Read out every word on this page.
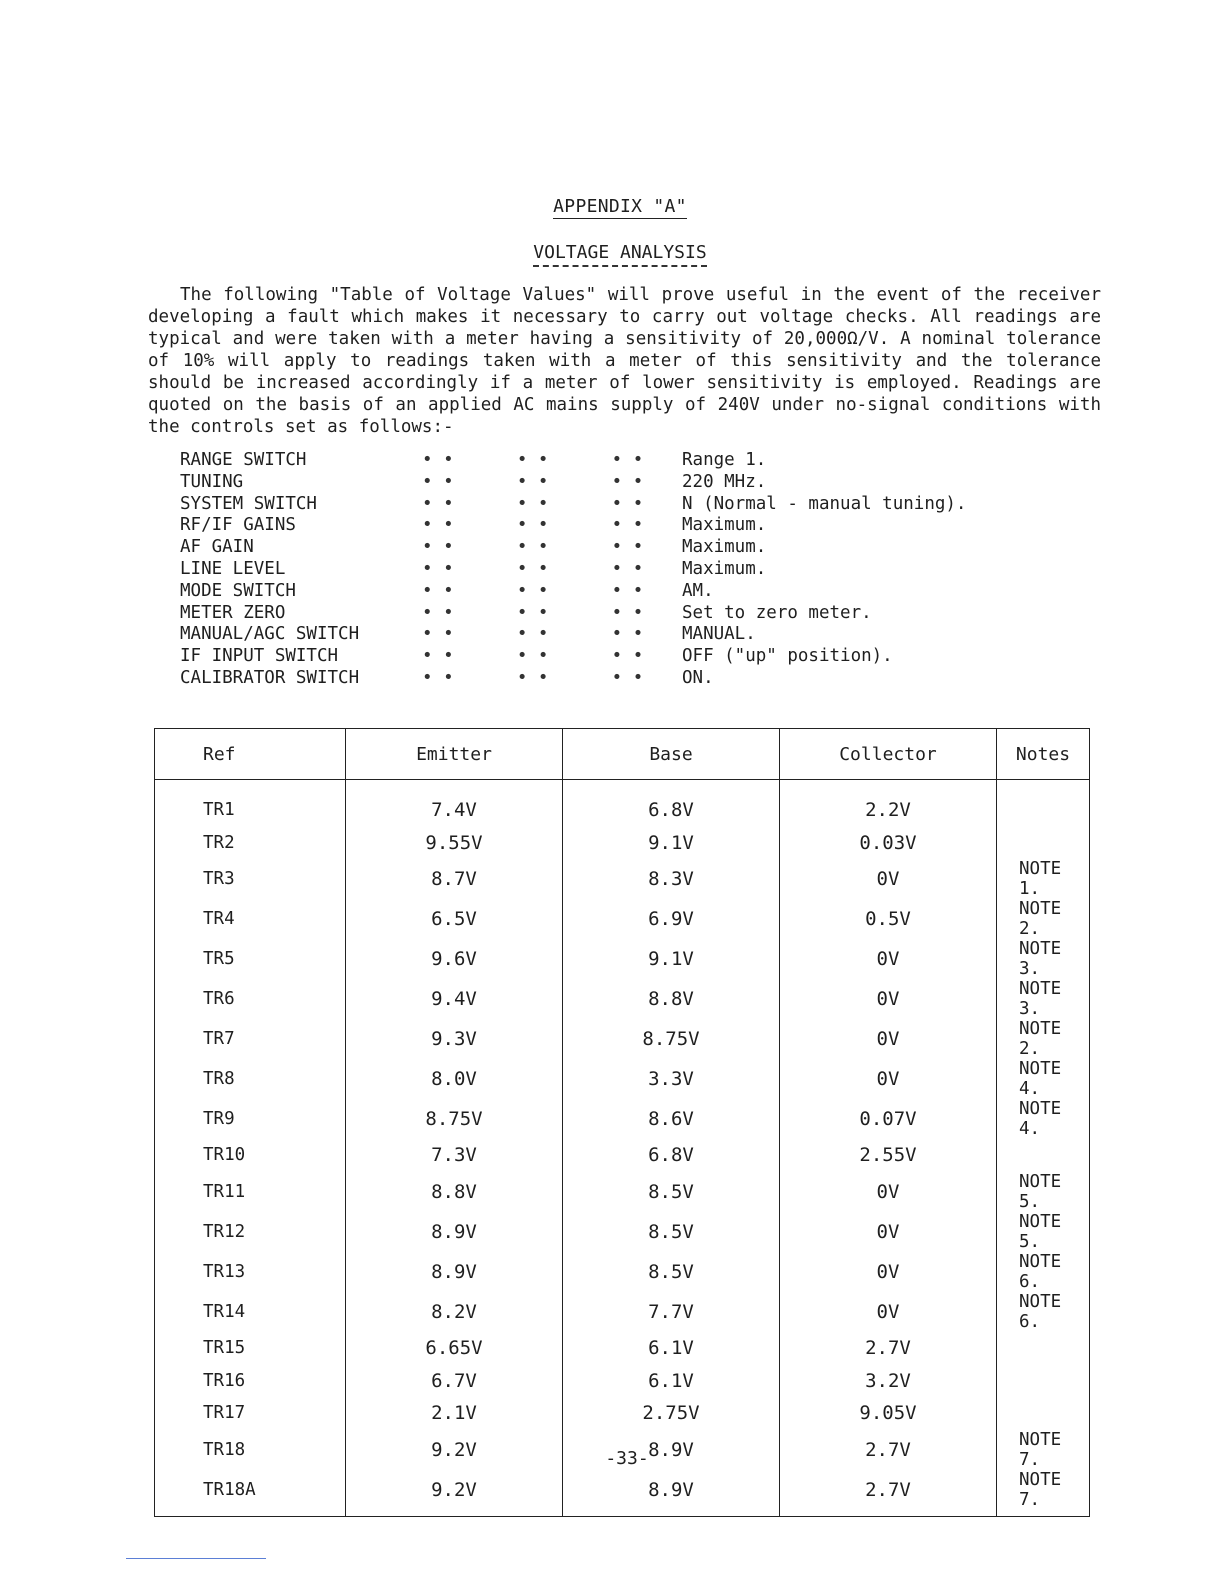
APPENDIX "A"
VOLTAGE ANALYSIS

The following "Table of Voltage Values" will prove useful in the event of the receiver developing a fault which makes it necessary to carry out voltage checks. All readings are typical and were taken with a meter having a sensitivity of 20,000Ω/V. A nominal tolerance of 10% will apply to readings taken with a meter of this sensitivity and the tolerance should be increased accordingly if a meter of lower sensitivity is employed. Readings are quoted on the basis of an applied AC mains supply of 240V under no-signal conditions with the controls set as follows:-

RANGE SWITCH	• •      • •      • •	Range 1.
TUNING	• •      • •      • •	220 MHz.
SYSTEM SWITCH	• •      • •      • •	N (Normal - manual tuning).
RF/IF GAINS	• •      • •      • •	Maximum.
AF GAIN	• •      • •      • •	Maximum.
LINE LEVEL	• •      • •      • •	Maximum.
MODE SWITCH	• •      • •      • •	AM.
METER ZERO	• •      • •      • •	Set to zero meter.
MANUAL/AGC SWITCH	• •      • •      • •	MANUAL.
IF INPUT SWITCH	• •      • •      • •	OFF ("up" position).
CALIBRATOR SWITCH	• •      • •      • •	ON.
Ref	Emitter	Base	Collector	Notes
TR1	7.4V	6.8V	2.2V	
TR2	9.55V	9.1V	0.03V	
TR3	8.7V	8.3V	0V	NOTE 1.
TR4	6.5V	6.9V	0.5V	NOTE 2.
TR5	9.6V	9.1V	0V	NOTE 3.
TR6	9.4V	8.8V	0V	NOTE 3.
TR7	9.3V	8.75V	0V	NOTE 2.
TR8	8.0V	3.3V	0V	NOTE 4.
TR9	8.75V	8.6V	0.07V	NOTE 4.
TR10	7.3V	6.8V	2.55V	
TR11	8.8V	8.5V	0V	NOTE 5.
TR12	8.9V	8.5V	0V	NOTE 5.
TR13	8.9V	8.5V	0V	NOTE 6.
TR14	8.2V	7.7V	0V	NOTE 6.
TR15	6.65V	6.1V	2.7V	
TR16	6.7V	6.1V	3.2V	
TR17	2.1V	2.75V	9.05V	
TR18	9.2V	8.9V	2.7V	NOTE 7.
TR18A	9.2V	8.9V	2.7V	NOTE 7.
-33-
